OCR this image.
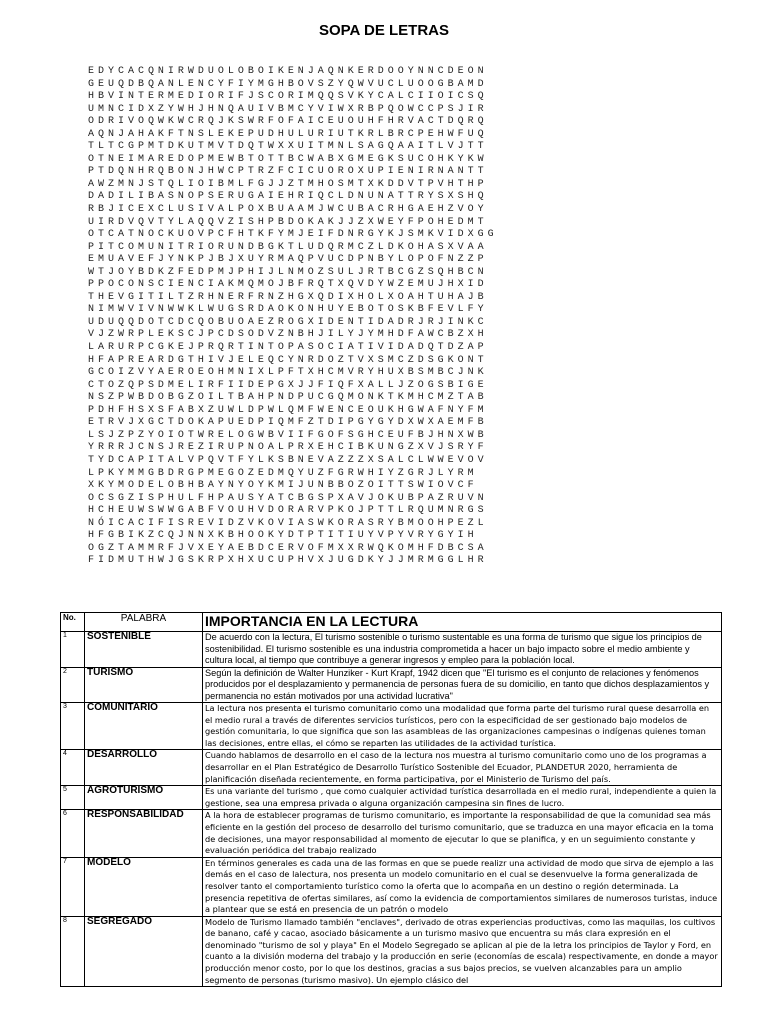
SOPA DE LETRAS
EDYCACQNIRWDUOLOBOIKENJAQNKERDOOYNNCDEON
GEUQDBQANLENCYFIYMGHBOVSZYQWVUCLUOOGBAMD
HBVINTERMEDIORIFJSCORIMQQSVKYCALCIIOICSQ
UMNCIDXZYWHJHNQAUIVBMCYVIWXRBPQOWCCPSJIR
ODRIVOQWKWCRQJKSWRFOFAICEUOUHFHRVACTDQRQ
AQNJAHAKFTNSLEKEPUDHULURIUTKRLBRCPEHWFUQ
TLTCGPMTDKUTMVTDQTWXXUITMNLSAGQAAITLVJTT
OTNEIMAREDOPMEWBTOTTBCWABXGMEGKSUCOHKYKW
PTDQNHRQBONJHWCPTRZFCICUOROXUPIENIRNANTT
AWZMNJSTQLIOIBMLFGJJZTMHOSMTXKDDVTPVHTHP
DADILIBASNOPSERUGAIEHRIQCLDNUNATTRYSXSHQ
RBJICEXCLUSIVALPOXBUAAMJWCUBACRHGAEHZVOY
UIRDVQVTYLAQQVZISHPBDOKAKJJZXWEYFPOHEDMT
OTCATNOCKUOVPCFHTKFYMJEIFDNRGYKJSMKVIDXGG
PITCOMUNITRIORUNDBGKTLUDQRMCZLDKOHASXVAA
EMUAVEFJYNKPJBJXUYRMAQPVUCDPNBYLOPOFNZZP
WTJOYBDKZFEDPMJPHIJLNMOZSULJRTBCGZSQHBCN
PPOCONSCIENCIAKMQMOJBFRQTXQVDYWZEMUJHXID
THEVGITILTZRHNERFRNZHGXQDIXHOLXOAHTUHAJB
NIMWVIVNWWKLWUGSRDAOKONHUYEBOTOSKBFEVLFY
UDUQQDOTCDCQOBUOAEZROGXIDENTIDADRJRJINKC
VJZWRPLEKSCJPCDSODVZNBHJILYJYMHDFAWCBZXH
LARURPCGKEJPRQRTINTOPASOCIATIVIDADQTDZAP
HFAPREARDGTHIVJELEQCYNRDOZTVXSMCZDSGKONT
GCOIZVYAEROEOHMNIXLPFTXHCMVRYHUXBSMBCJNK
CTOZQPSDMELIRFIIDEPGXJJFIQFXALLJZOGSBIGE
NSZPWBDOBGZOILTBAHPNDPUCGQMONKTKMHCMZTAB
PDHFHSXSFABXZUWLDPWLQMFWENCEOUKHGWAFNYFM
ETRVJXGCTDOKAPUEDPIQMFZTDIPGYGYDXWXAEMFB
LSJZPZYOIOTWRELOGWBVIIFGOFSGHCEUFBJHNXWB
YRRRJCNSJREZIRUPNOALPRXEHCIBKUNGZXVJSRYF
TYDCAPITALVPQVTFYLKSBNEVAZZZXSALCLWWEVOV
LPKYMMGBDRGPMEGOZEDMQYUZFGRWHIYZGRJLYRM
XKYMODELOBHBAYNYOYKMIJUNBBOZOITTSWIOVCF
OCSGZISPHULFHPAUSYATCBGSPXAVJOKUBPAZRUVN
HCHEUWSWWGABFVOUHVDORARVPKOJPTTLRQUMNRGS
NÓICACIFISREVIDZVKOVIASWKORASRYBMOOHPEZL
HFGBIKZCQJNNXKBHOOKYDTPTITIUYVPYVRYGYIH
OGZTAMMRFJVXEYAEBDCERVOFMXXRWQKOMHFDBCSA
FIDMUTHWJGSKRPXHXUCUPHVXJUGDKYJJMRMGGLHR
No.	PALABRA	IMPORTANCIA EN LA LECTURA
1	SOSTENIBLE	De acuerdo con la lectura, El turismo sostenible o turismo sustentable es una forma de turismo que sigue los principios de sostenibilidad. El turismo sostenible es una industria comprometida a hacer un bajo impacto sobre el medio ambiente y cultura local, al tiempo que contribuye a generar ingresos y empleo para la población local.
2	TURISMO	Según la definición de Walter Hunziker - Kurt Krapf, 1942 dicen que "El turismo es el conjunto de relaciones y fenómenos producidos por el desplazamiento y permanencia de personas fuera de su domicilio, en tanto que dichos desplazamientos y permanencia no están motivados por una actividad lucrativa"
3	COMUNITARIO	La lectura nos presenta el turismo comunitario como una modalidad que forma parte del turismo rural quese desarrolla en el medio rural a través de diferentes servicios turísticos, pero con la especificidad de ser gestionado bajo modelos de gestión comunitaria, lo que significa que son las asambleas de las organizaciones campesinas o indígenas quienes toman las decisiones, entre ellas, el cómo se reparten las utilidades de la actividad turística.
4	DESARROLLO	Cuando hablamos de desarrollo en el caso de la lectura nos muestra al turismo comunitario como uno de los programas a desarrollar en el Plan Estratégico de Desarrollo Turístico Sostenible del Ecuador, PLANDETUR 2020, herramienta de planificación diseñada recientemente, en forma participativa, por el Ministerio de Turismo del país.
5	AGROTURISMO	Es una variante del turismo , que como cualquier actividad turística desarrollada en el medio rural, independiente a quien la gestione, sea una empresa privada o alguna organización campesina sin fines de lucro.
6	RESPONSABILIDAD	A la hora de establecer programas de turismo comunitario, es importante la responsabilidad de que la comunidad sea más eficiente en la gestión del proceso de desarrollo del turismo comunitario, que se traduzca en una mayor eficacia en la toma de decisiones, una mayor responsabilidad al momento de ejecutar lo que se planifica, y en un seguimiento constante y evaluación periódica del trabajo realizado
7	MODELO	En términos generales es cada una de las formas en que se puede realizr una actividad de modo que sirva de ejemplo a las demás en el caso de lalectura, nos presenta un modelo comunitario en el cual se desenvuelve la forma generalizada de resolver tanto el comportamiento turístico como la oferta que lo acompaña en un destino o región determinada. La presencia repetitiva de ofertas similares, así como la evidencia de comportamientos similares de numerosos turistas, induce a plantear que se está en presencia de un patrón o modelo
8	SEGREGADO	Modelo de Turismo llamado también "enclaves", derivado de otras experiencias productivas, como las maquilas, los cultivos de banano, café y cacao, asociado básicamente a un turismo masivo que encuentra su más clara expresión en el denominado "turismo de sol y playa" En el Modelo Segregado se aplican al pie de la letra los principios de Taylor y Ford, en cuanto a la división moderna del trabajo y la producción en serie (economías de escala) respectivamente, en donde a mayor producción menor costo, por lo que los destinos, gracias a sus bajos precios, se vuelven alcanzables para un amplio segmento de personas (turismo masivo). Un ejemplo clásico del
